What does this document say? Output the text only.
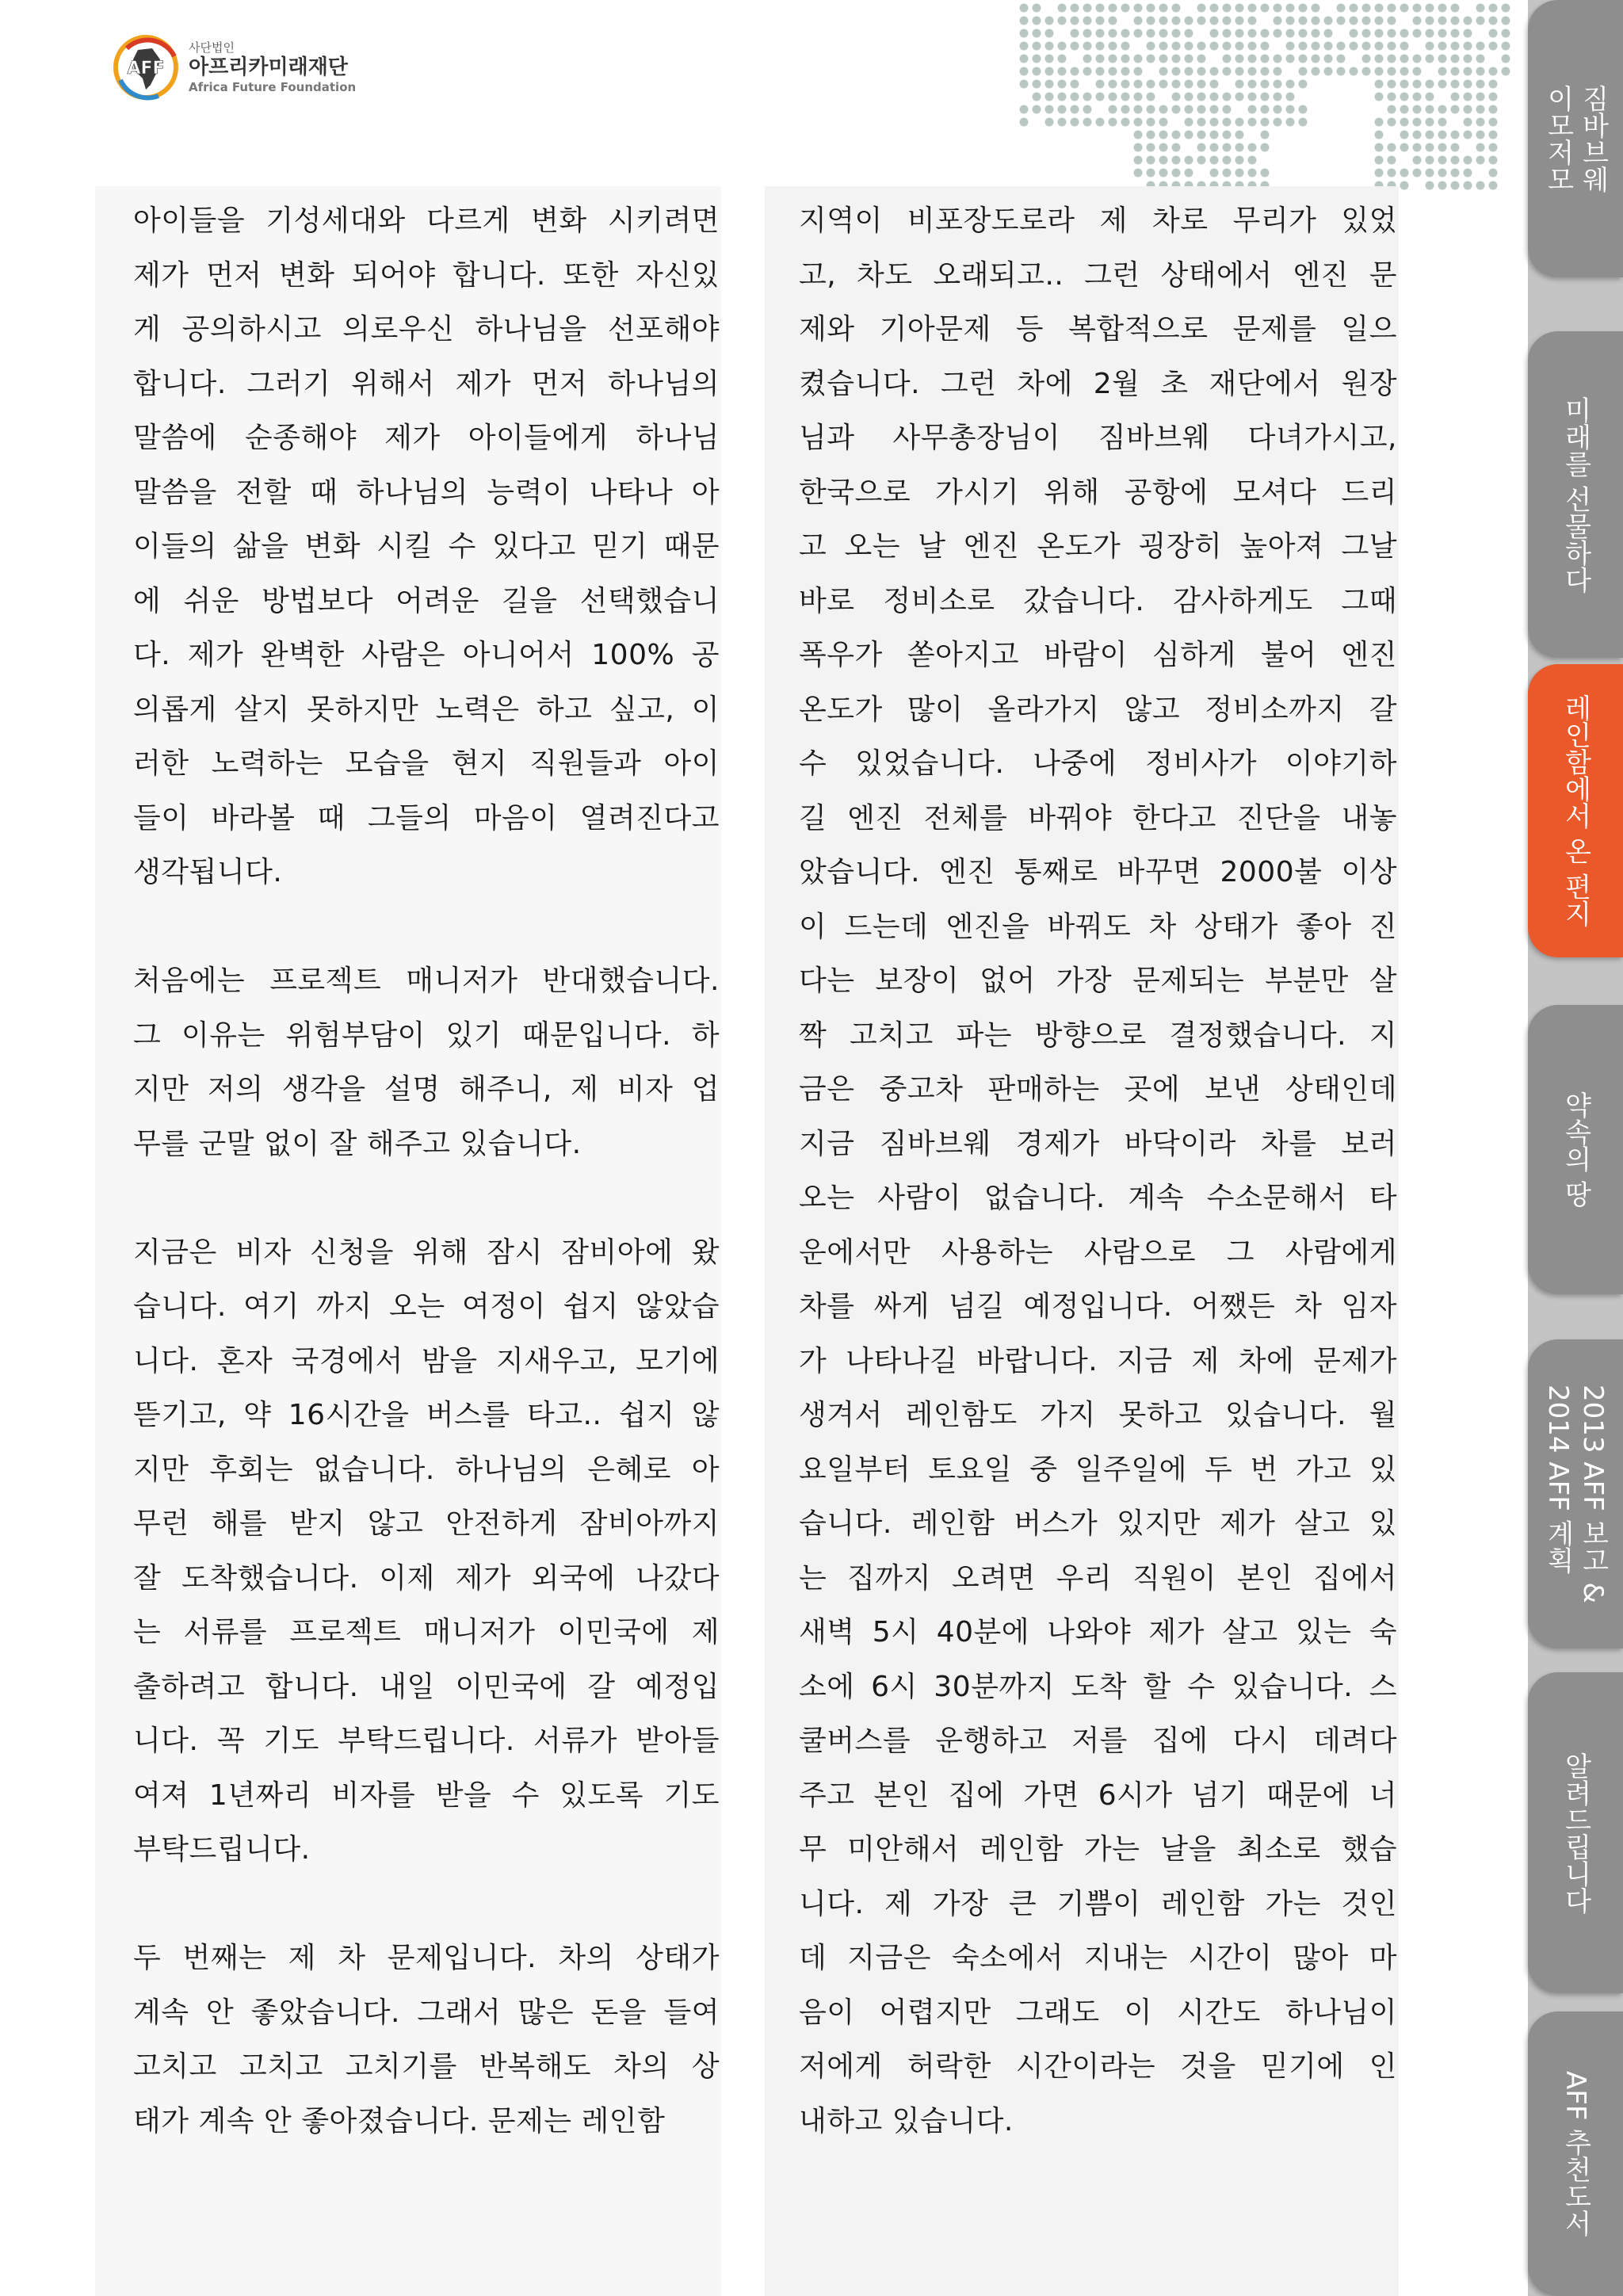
AFF
사단법인
아프리카미래재단
Africa Future Foundation
아이들을 기성세대와 다르게 변화 시키려면
제가 먼저 변화 되어야 합니다. 또한 자신있
게 공의하시고 의로우신 하나님을 선포해야
합니다. 그러기 위해서 제가 먼저 하나님의
말씀에 순종해야 제가 아이들에게 하나님
말씀을 전할 때 하나님의 능력이 나타나 아
이들의 삶을 변화 시킬 수 있다고 믿기 때문
에 쉬운 방법보다 어려운 길을 선택했습니
다. 제가 완벽한 사람은 아니어서 100% 공
의롭게 살지 못하지만 노력은 하고 싶고, 이
러한 노력하는 모습을 현지 직원들과 아이
들이 바라볼 때 그들의 마음이 열려진다고
생각됩니다.
처음에는 프로젝트 매니저가 반대했습니다.
그 이유는 위험부담이 있기 때문입니다. 하
지만 저의 생각을 설명 해주니, 제 비자 업
무를 군말 없이 잘 해주고 있습니다.
지금은 비자 신청을 위해 잠시 잠비아에 왔
습니다. 여기 까지 오는 여정이 쉽지 않았습
니다. 혼자 국경에서 밤을 지새우고, 모기에
뜯기고, 약 16시간을 버스를 타고.. 쉽지 않
지만 후회는 없습니다. 하나님의 은혜로 아
무런 해를 받지 않고 안전하게 잠비아까지
잘 도착했습니다. 이제 제가 외국에 나갔다
는 서류를 프로젝트 매니저가 이민국에 제
출하려고 합니다. 내일 이민국에 갈 예정입
니다. 꼭 기도 부탁드립니다. 서류가 받아들
여져 1년짜리 비자를 받을 수 있도록 기도
부탁드립니다.
두 번째는 제 차 문제입니다. 차의 상태가
계속 안 좋았습니다. 그래서 많은 돈을 들여
고치고 고치고 고치기를 반복해도 차의 상
태가 계속 안 좋아졌습니다. 문제는 레인함
지역이 비포장도로라 제 차로 무리가 있었
고, 차도 오래되고.. 그런 상태에서 엔진 문
제와 기아문제 등 복합적으로 문제를 일으
켰습니다. 그런 차에 2월 초 재단에서 원장
님과 사무총장님이 짐바브웨 다녀가시고,
한국으로 가시기 위해 공항에 모셔다 드리
고 오는 날 엔진 온도가 굉장히 높아져 그날
바로 정비소로 갔습니다. 감사하게도 그때
폭우가 쏟아지고 바람이 심하게 불어 엔진
온도가 많이 올라가지 않고 정비소까지 갈
수 있었습니다. 나중에 정비사가 이야기하
길 엔진 전체를 바꿔야 한다고 진단을 내놓
았습니다. 엔진 통째로 바꾸면 2000불 이상
이 드는데 엔진을 바꿔도 차 상태가 좋아 진
다는 보장이 없어 가장 문제되는 부분만 살
짝 고치고 파는 방향으로 결정했습니다. 지
금은 중고차 판매하는 곳에 보낸 상태인데
지금 짐바브웨 경제가 바닥이라 차를 보러
오는 사람이 없습니다. 계속 수소문해서 타
운에서만 사용하는 사람으로 그 사람에게
차를 싸게 넘길 예정입니다. 어쨌든 차 임자
가 나타나길 바랍니다. 지금 제 차에 문제가
생겨서 레인함도 가지 못하고 있습니다. 월
요일부터 토요일 중 일주일에 두 번 가고 있
습니다. 레인함 버스가 있지만 제가 살고 있
는 집까지 오려면 우리 직원이 본인 집에서
새벽 5시 40분에 나와야 제가 살고 있는 숙
소에 6시 30분까지 도착 할 수 있습니다. 스
쿨버스를 운행하고 저를 집에 다시 데려다
주고 본인 집에 가면 6시가 넘기 때문에 너
무 미안해서 레인함 가는 날을 최소로 했습
니다. 제 가장 큰 기쁨이 레인함 가는 것인
데 지금은 숙소에서 지내는 시간이 많아 마
음이 어렵지만 그래도 이 시간도 하나님이
저에게 허락한 시간이라는 것을 믿기에 인
내하고 있습니다.
짐바브웨
이모저모
미래를 선물하다
레인함에서 온 편지
약속의 땅
2013 AFF 보고 &
2014 AFF 계획
알려드립니다
AFF 추천도서
